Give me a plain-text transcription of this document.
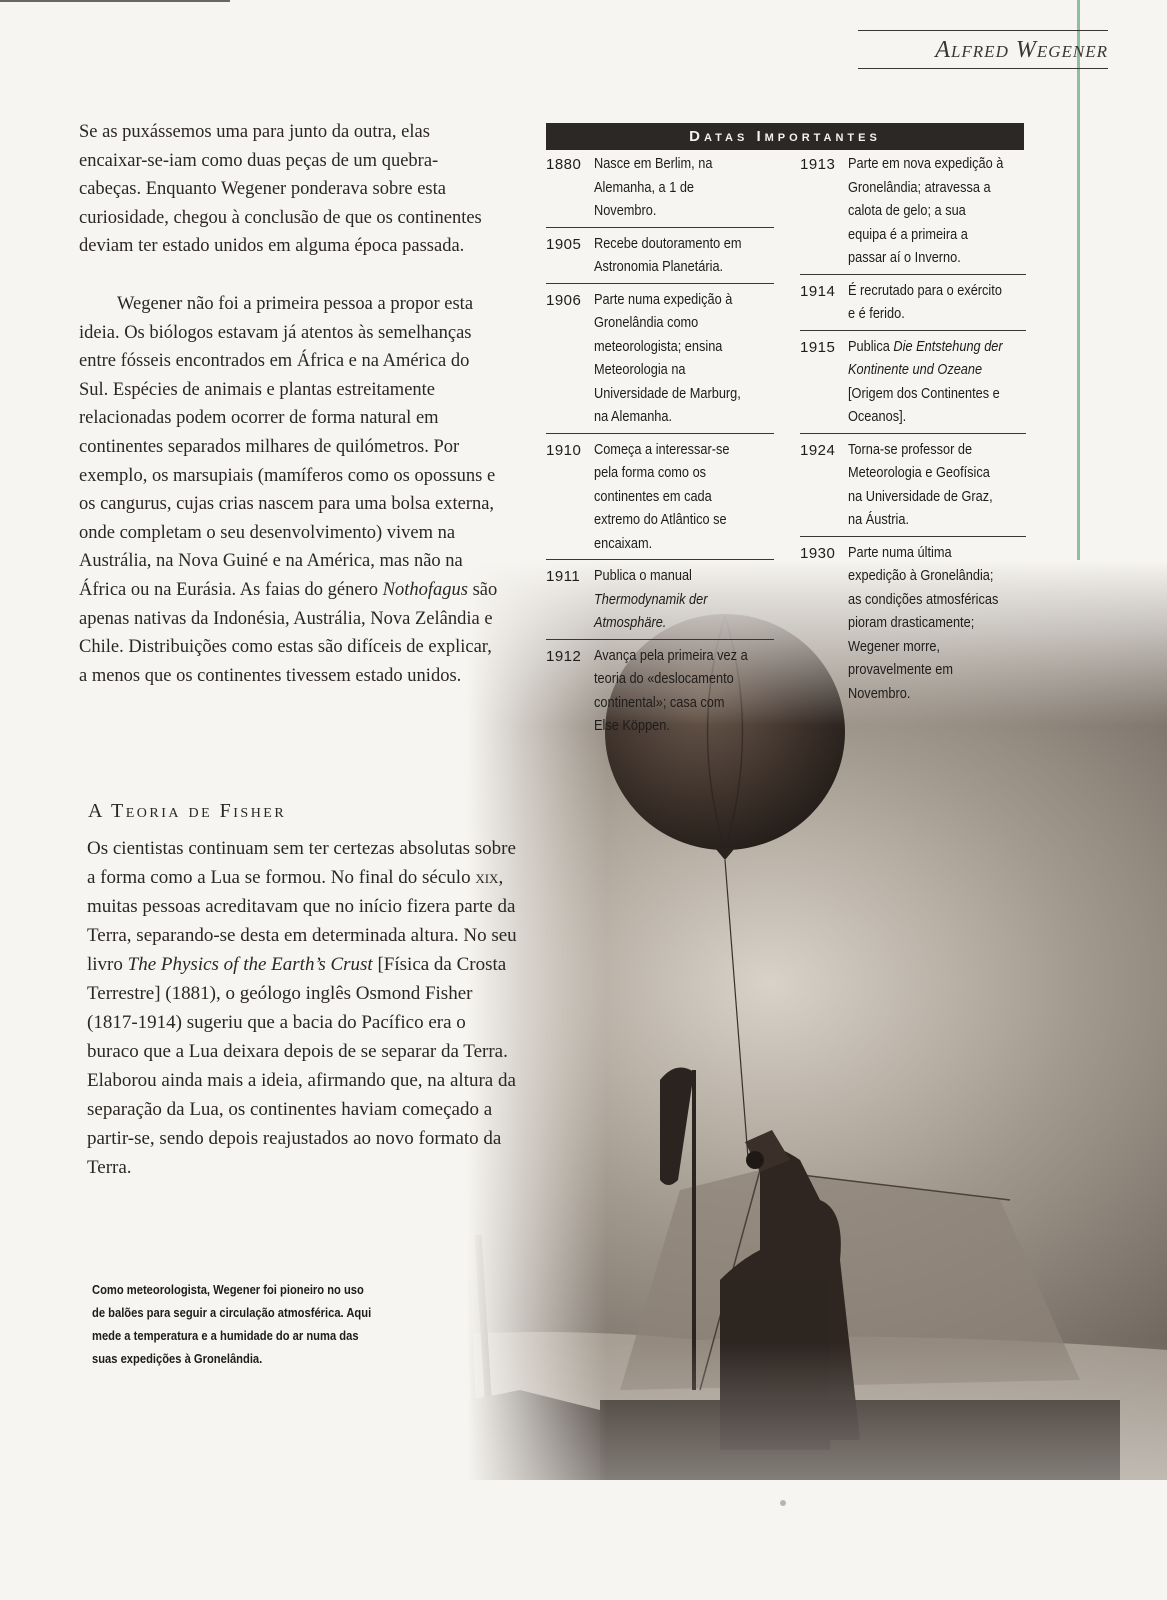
Alfred Wegener

Se as puxássemos uma para junto da outra, elas encaixar-se-iam como duas peças de um quebra-cabeças. Enquanto Wegener ponderava sobre esta curiosidade, chegou à conclusão de que os continentes deviam ter estado unidos em alguma época passada.

Wegener não foi a primeira pessoa a propor esta ideia. Os biólogos estavam já atentos às semelhanças entre fósseis encontrados em África e na América do Sul. Espécies de animais e plantas estreitamente relacionadas podem ocorrer de forma natural em continentes separados milhares de quilómetros. Por exemplo, os marsupiais (mamíferos como os opossuns e os cangurus, cujas crias nascem para uma bolsa externa, onde completam o seu desenvolvimento) vivem na Austrália, na Nova Guiné e na América, mas não na África ou na Eurásia. As faias do género Nothofagus são apenas nativas da Indonésia, Austrália, Nova Zelândia e Chile. Distribuições como estas são difíceis de explicar, a menos que os continentes tivessem estado unidos.

A Teoria de Fisher

Os cientistas continuam sem ter certezas absolutas sobre a forma como a Lua se formou. No final do século xix, muitas pessoas acreditavam que no início fizera parte da Terra, separando-se desta em determinada altura. No seu livro The Physics of the Earth’s Crust [Física da Crosta Terrestre] (1881), o geólogo inglês Osmond Fisher (1817-1914) sugeriu que a bacia do Pacífico era o buraco que a Lua deixara depois de se separar da Terra. Elaborou ainda mais a ideia, afirmando que, na altura da separação da Lua, os continentes haviam começado a partir-se, sendo depois reajustados ao novo formato da Terra.

Datas Importantes
1880 Nasce em Berlim, na Alemanha, a 1 de Novembro.
1905 Recebe doutoramento em Astronomia Planetária.
1906 Parte numa expedição à Gronelândia como meteorologista; ensina Meteorologia na Universidade de Marburg, na Alemanha.
1910 Começa a interessar-se pela forma como os continentes em cada extremo do Atlântico se encaixam.
1911 Publica o manual Thermodynamik der Atmosphäre.
1912 Avança pela primeira vez a teoria do «deslocamento continental»; casa com Else Köppen.
1913 Parte em nova expedição à Gronelândia; atravessa a calota de gelo; a sua equipa é a primeira a passar aí o Inverno.
1914 É recrutado para o exército e é ferido.
1915 Publica Die Entstehung der Kontinente und Ozeane [Origem dos Continentes e Oceanos].
1924 Torna-se professor de Meteorologia e Geofísica na Universidade de Graz, na Áustria.
1930 Parte numa última expedição à Gronelândia; as condições atmosféricas pioram drasticamente; Wegener morre, provavelmente em Novembro.
Como meteorologista, Wegener foi pioneiro no uso de balões para seguir a circulação atmosférica. Aqui mede a temperatura e a humidade do ar numa das suas expedições à Gronelândia.
